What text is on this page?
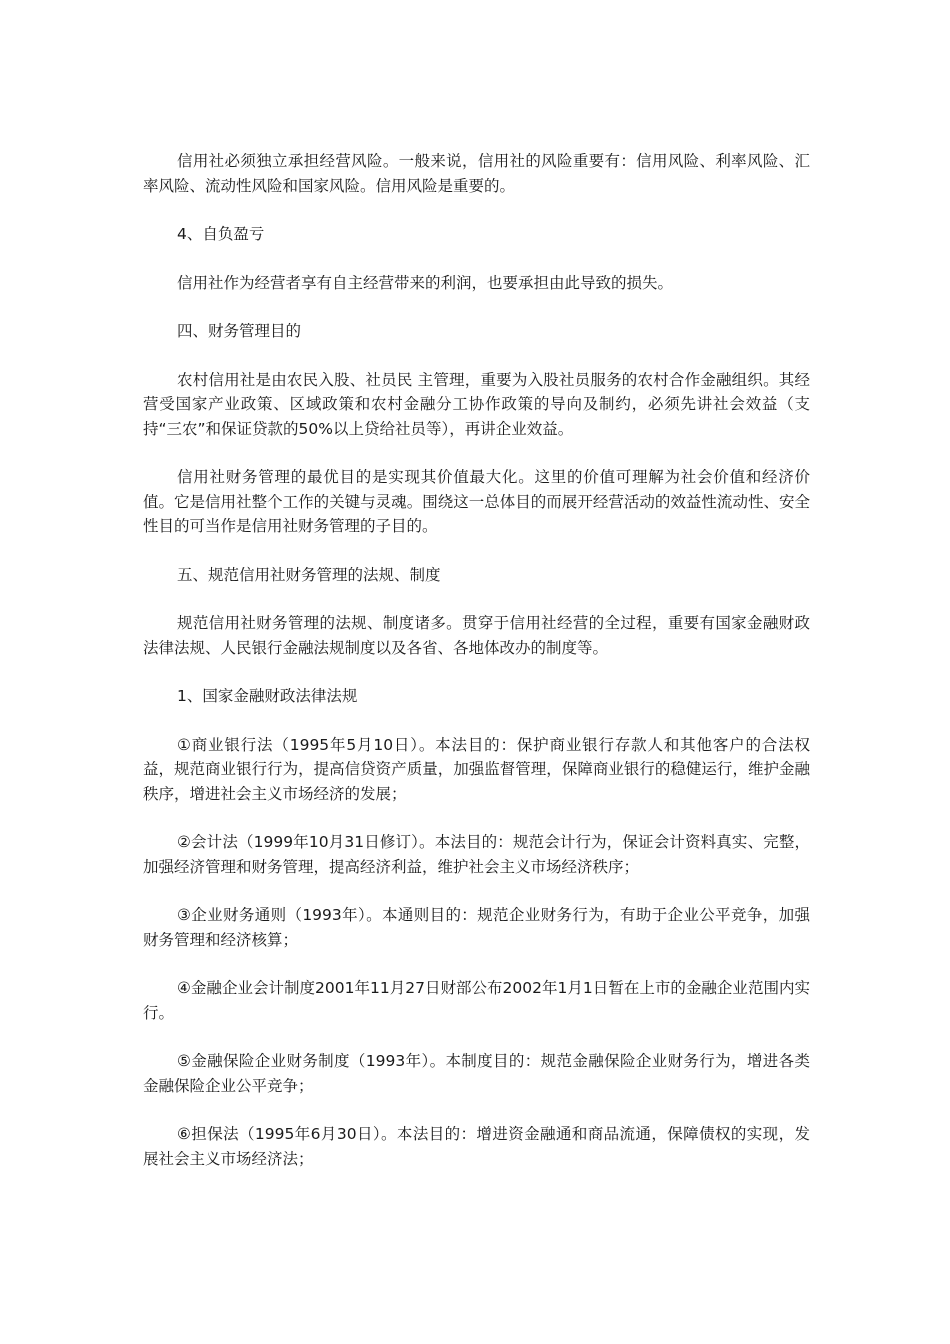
信用社必须独立承担经营风险。一般来说，信用社的风险重要有：信用风险、利率风险、汇率风险、流动性风险和国家风险。信用风险是重要的。

4、自负盈亏

信用社作为经营者享有自主经营带来的利润，也要承担由此导致的损失。

四、财务管理目的

农村信用社是由农民入股、社员民 主管理，重要为入股社员服务的农村合作金融组织。其经营受国家产业政策、区域政策和农村金融分工协作政策的导向及制约，必须先讲社会效益（支持“三农”和保证贷款的50%以上贷给社员等），再讲企业效益。

信用社财务管理的最优目的是实现其价值最大化。这里的价值可理解为社会价值和经济价值。它是信用社整个工作的关键与灵魂。围绕这一总体目的而展开经营活动的效益性流动性、安全性目的可当作是信用社财务管理的子目的。

五、规范信用社财务管理的法规、制度

规范信用社财务管理的法规、制度诸多。贯穿于信用社经营的全过程，重要有国家金融财政法律法规、人民银行金融法规制度以及各省、各地体改办的制度等。

1、国家金融财政法律法规

①商业银行法（1995年5月10日）。本法目的：保护商业银行存款人和其他客户的合法权益，规范商业银行行为，提高信贷资产质量，加强监督管理，保障商业银行的稳健运行，维护金融秩序，增进社会主义市场经济的发展；

②会计法（1999年10月31日修订）。本法目的：规范会计行为，保证会计资料真实、完整，加强经济管理和财务管理，提高经济利益，维护社会主义市场经济秩序；

③企业财务通则（1993年）。本通则目的：规范企业财务行为，有助于企业公平竞争，加强财务管理和经济核算；

④金融企业会计制度2001年11月27日财部公布2002年1月1日暂在上市的金融企业范围内实行。

⑤金融保险企业财务制度（1993年）。本制度目的：规范金融保险企业财务行为，增进各类金融保险企业公平竞争；

⑥担保法（1995年6月30日）。本法目的：增进资金融通和商品流通，保障债权的实现，发展社会主义市场经济法；
